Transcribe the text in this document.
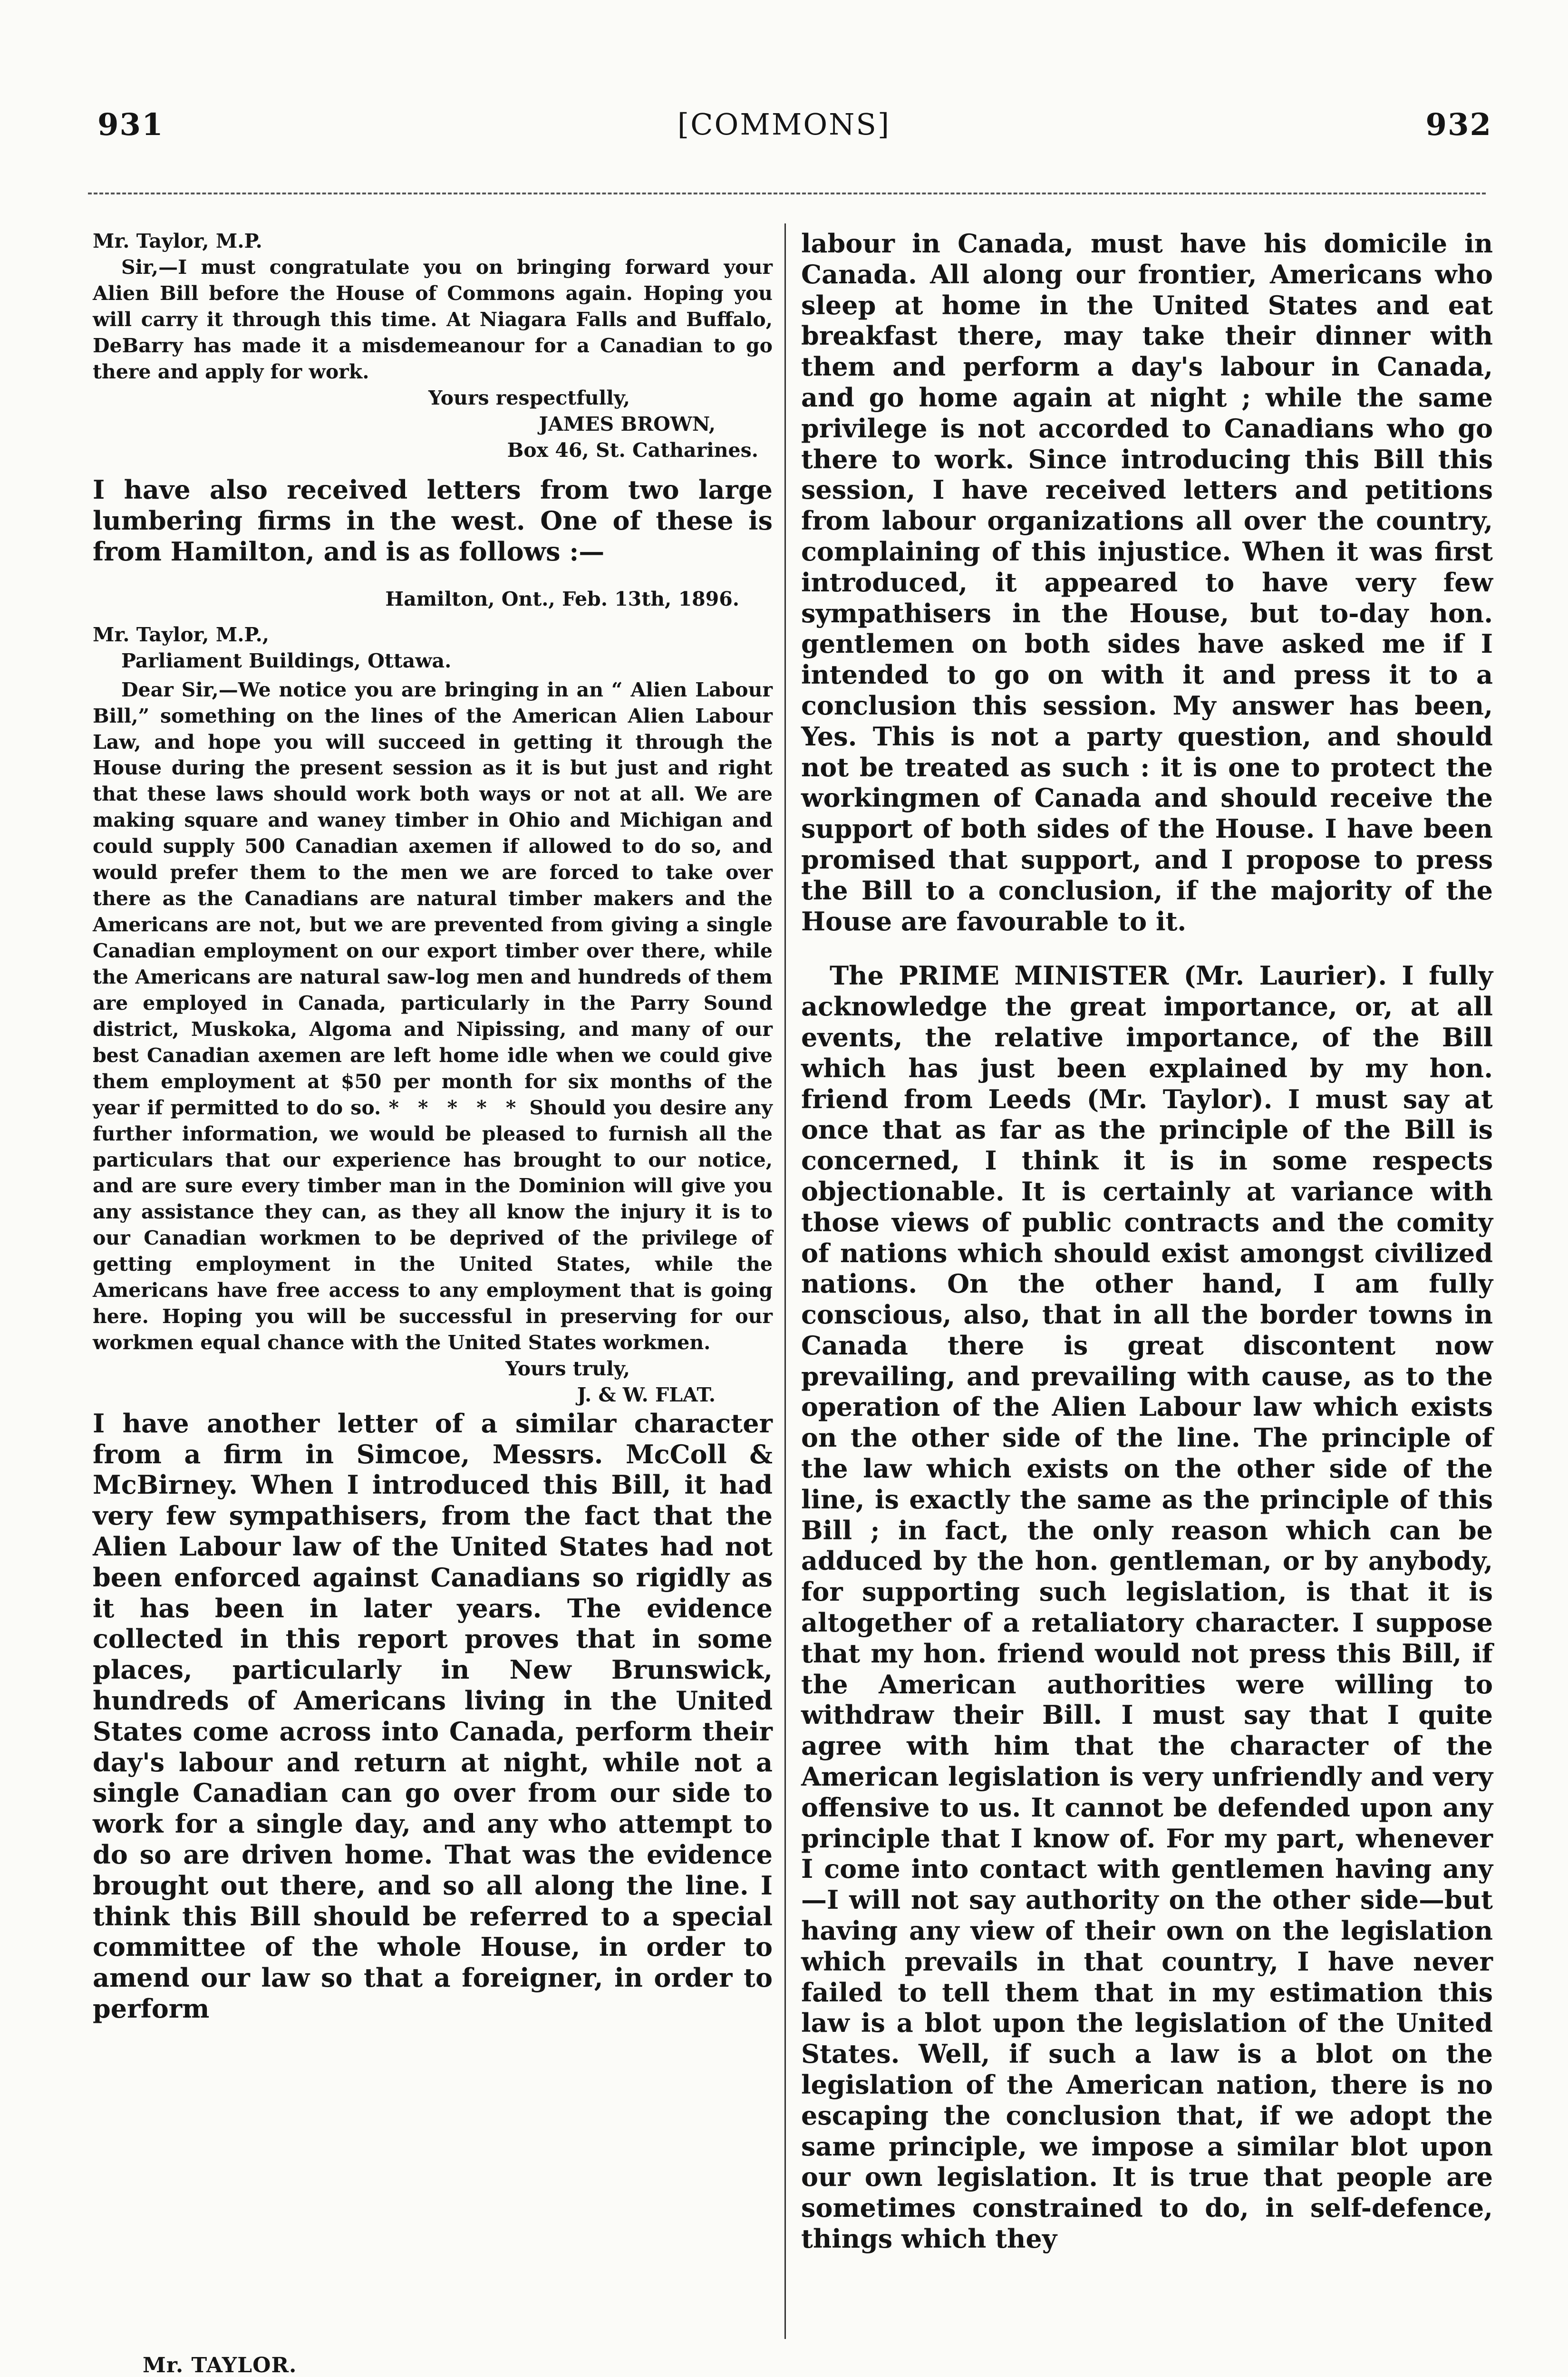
931	[COMMONS]	932

Mr. Taylor, M.P.

Sir,—I must congratulate you on bringing forward your Alien Bill before the House of Commons again. Hoping you will carry it through this time. At Niagara Falls and Buffalo, DeBarry has made it a misdemeanour for a Canadian to go there and apply for work.

Yours respectfully,

JAMES BROWN,

Box 46, St. Catharines.

I have also received letters from two large lumbering firms in the west. One of these is from Hamilton, and is as follows :—

Hamilton, Ont., Feb. 13th, 1896.

Mr. Taylor, M.P.,

Parliament Buildings, Ottawa.

Dear Sir,—We notice you are bringing in an “ Alien Labour Bill,” something on the lines of the American Alien Labour Law, and hope you will succeed in getting it through the House during the present session as it is but just and right that these laws should work both ways or not at all. We are making square and waney timber in Ohio and Michigan and could supply 500 Canadian axemen if allowed to do so, and would prefer them to the men we are forced to take over there as the Canadians are natural timber makers and the Americans are not, but we are prevented from giving a single Canadian employment on our export timber over there, while the Americans are natural saw-log men and hundreds of them are employed in Canada, particularly in the Parry Sound district, Muskoka, Algoma and Nipissing, and many of our best Canadian axemen are left home idle when we could give them employment at $50 per month for six months of the year if permitted to do so. * * * * * Should you desire any further information, we would be pleased to furnish all the particulars that our experience has brought to our notice, and are sure every timber man in the Dominion will give you any assistance they can, as they all know the injury it is to our Canadian workmen to be deprived of the privilege of getting employment in the United States, while the Americans have free access to any employment that is going here. Hoping you will be successful in preserving for our workmen equal chance with the United States workmen.

Yours truly,

J. & W. FLAT.

I have another letter of a similar character from a firm in Simcoe, Messrs. McColl & McBirney. When I introduced this Bill, it had very few sympathisers, from the fact that the Alien Labour law of the United States had not been enforced against Canadians so rigidly as it has been in later years. The evidence collected in this report proves that in some places, particularly in New Brunswick, hundreds of Americans living in the United States come across into Canada, perform their day's labour and return at night, while not a single Canadian can go over from our side to work for a single day, and any who attempt to do so are driven home. That was the evidence brought out there, and so all along the line. I think this Bill should be referred to a special committee of the whole House, in order to amend our law so that a foreigner, in order to perform

labour in Canada, must have his domicile in Canada. All along our frontier, Americans who sleep at home in the United States and eat breakfast there, may take their dinner with them and perform a day's labour in Canada, and go home again at night ; while the same privilege is not accorded to Canadians who go there to work. Since introducing this Bill this session, I have received letters and petitions from labour organizations all over the country, complaining of this injustice. When it was first introduced, it appeared to have very few sympathisers in the House, but to-day hon. gentlemen on both sides have asked me if I intended to go on with it and press it to a conclusion this session. My answer has been, Yes. This is not a party question, and should not be treated as such : it is one to protect the workingmen of Canada and should receive the support of both sides of the House. I have been promised that support, and I propose to press the Bill to a conclusion, if the majority of the House are favourable to it.

The PRIME MINISTER (Mr. Laurier). I fully acknowledge the great importance, or, at all events, the relative importance, of the Bill which has just been explained by my hon. friend from Leeds (Mr. Taylor). I must say at once that as far as the principle of the Bill is concerned, I think it is in some respects objectionable. It is certainly at variance with those views of public contracts and the comity of nations which should exist amongst civilized nations. On the other hand, I am fully conscious, also, that in all the border towns in Canada there is great discontent now prevailing, and prevailing with cause, as to the operation of the Alien Labour law which exists on the other side of the line. The principle of the law which exists on the other side of the line, is exactly the same as the principle of this Bill ; in fact, the only reason which can be adduced by the hon. gentleman, or by anybody, for supporting such legislation, is that it is altogether of a retaliatory character. I suppose that my hon. friend would not press this Bill, if the American authorities were willing to withdraw their Bill. I must say that I quite agree with him that the character of the American legislation is very unfriendly and very offensive to us. It cannot be defended upon any principle that I know of. For my part, whenever I come into contact with gentlemen having any—I will not say authority on the other side—but having any view of their own on the legislation which prevails in that country, I have never failed to tell them that in my estimation this law is a blot upon the legislation of the United States. Well, if such a law is a blot on the legislation of the American nation, there is no escaping the conclusion that, if we adopt the same principle, we impose a similar blot upon our own legislation. It is true that people are sometimes constrained to do, in self-defence, things which they

Mr. TAYLOR.
